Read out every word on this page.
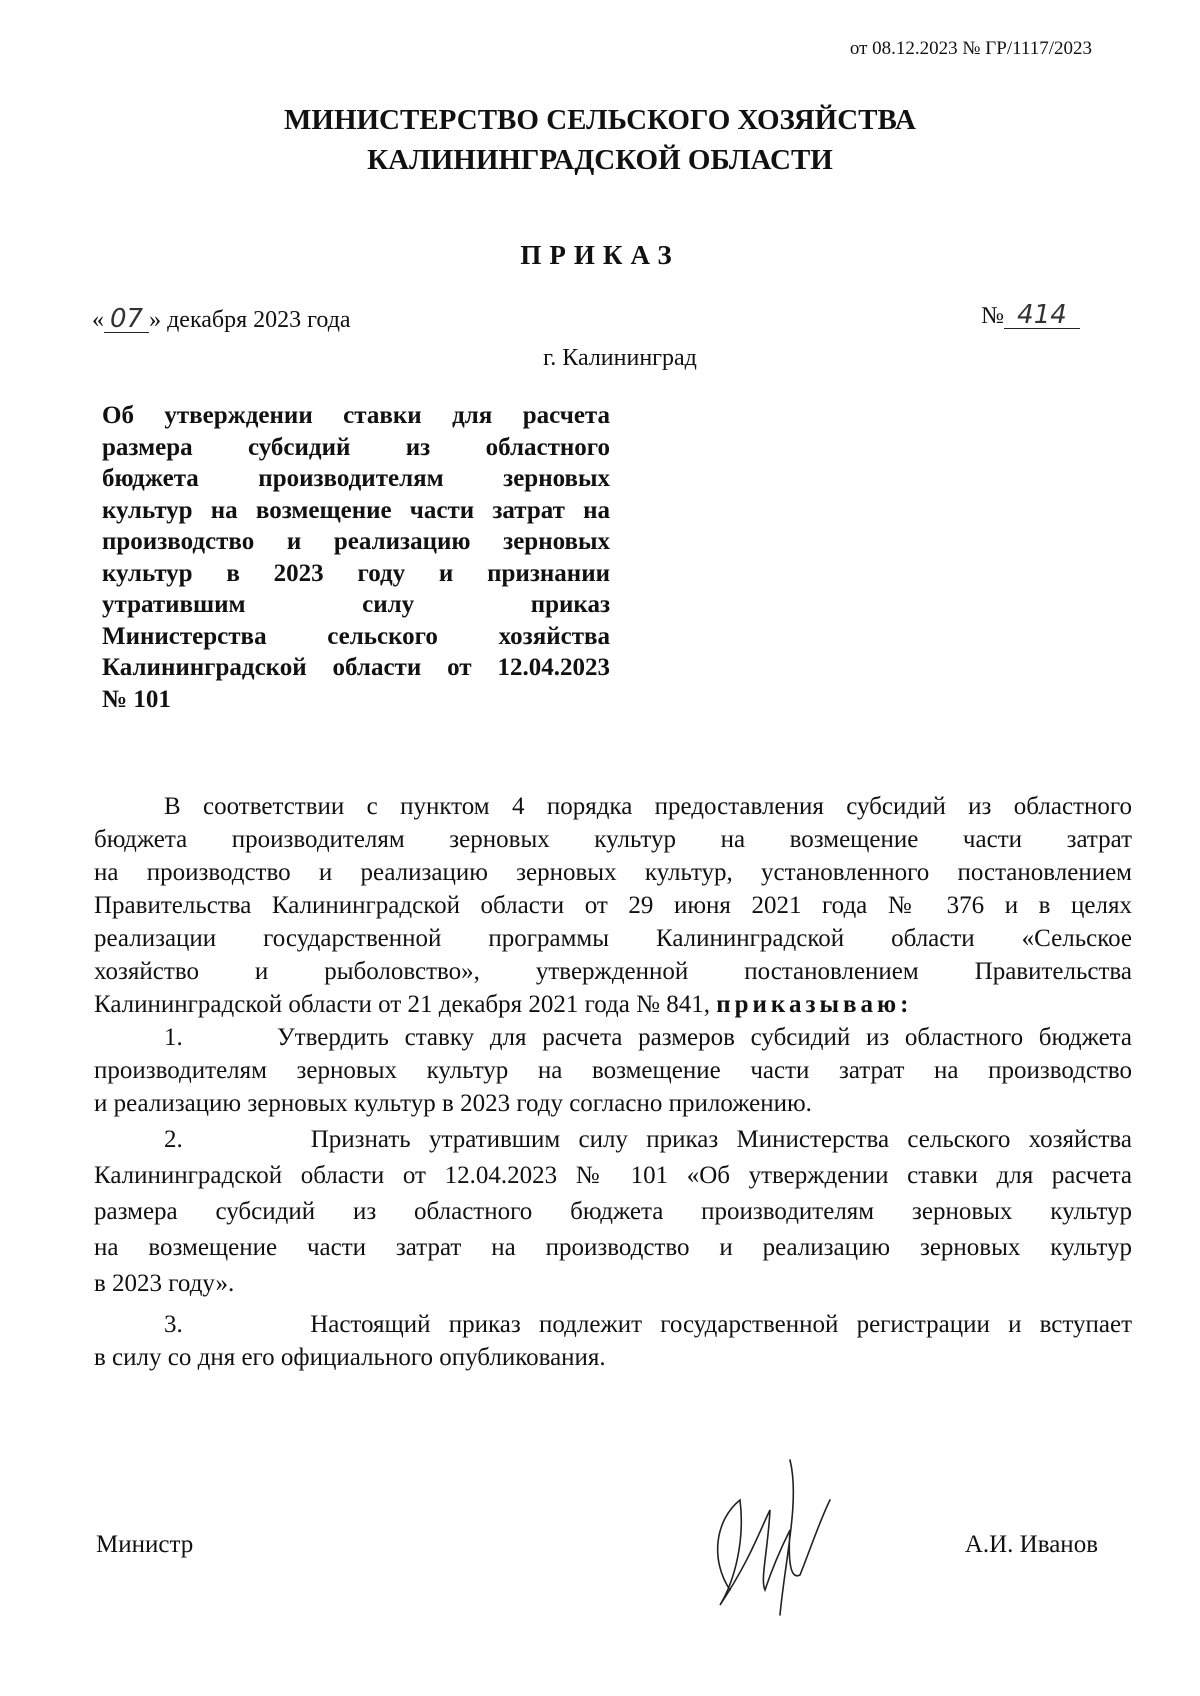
от 08.12.2023 № ГР/1117/2023
МИНИСТЕРСТВО СЕЛЬСКОГО ХОЗЯЙСТВА
КАЛИНИНГРАДСКОЙ ОБЛАСТИ
ПРИКАЗ
« 07 » декабря 2023 года	№ 414
г. Калининград
Об утверждении ставки для расчета
размера субсидий из областного
бюджета производителям зерновых
культур на возмещение части затрат на
производство и реализацию зерновых
культур в 2023 году и признании
утратившим силу приказ
Министерства сельского хозяйства
Калининградской области от 12.04.2023
№ 101
В соответствии с пунктом 4 порядка предоставления субсидий из областного
бюджета производителям зерновых культур на возмещение части затрат
на производство и реализацию зерновых культур, установленного постановлением
Правительства Калининградской области от 29 июня 2021 года № 376 и в целях
реализации государственной программы Калининградской области «Сельское
хозяйство и рыболовство», утвержденной постановлением Правительства
Калининградской области от 21 декабря 2021 года № 841, приказываю:
1.	Утвердить ставку для расчета размеров субсидий из областного бюджета
производителям зерновых культур на возмещение части затрат на производство
и реализацию зерновых культур в 2023 году согласно приложению.
2.	Признать утратившим силу приказ Министерства сельского хозяйства
Калининградской области от 12.04.2023 № 101 «Об утверждении ставки для расчета
размера субсидий из областного бюджета производителям зерновых культур
на возмещение части затрат на производство и реализацию зерновых культур
в 2023 году».
3.	Настоящий приказ подлежит государственной регистрации и вступает
в силу со дня его официального опубликования.
Министр	А.И. Иванов
